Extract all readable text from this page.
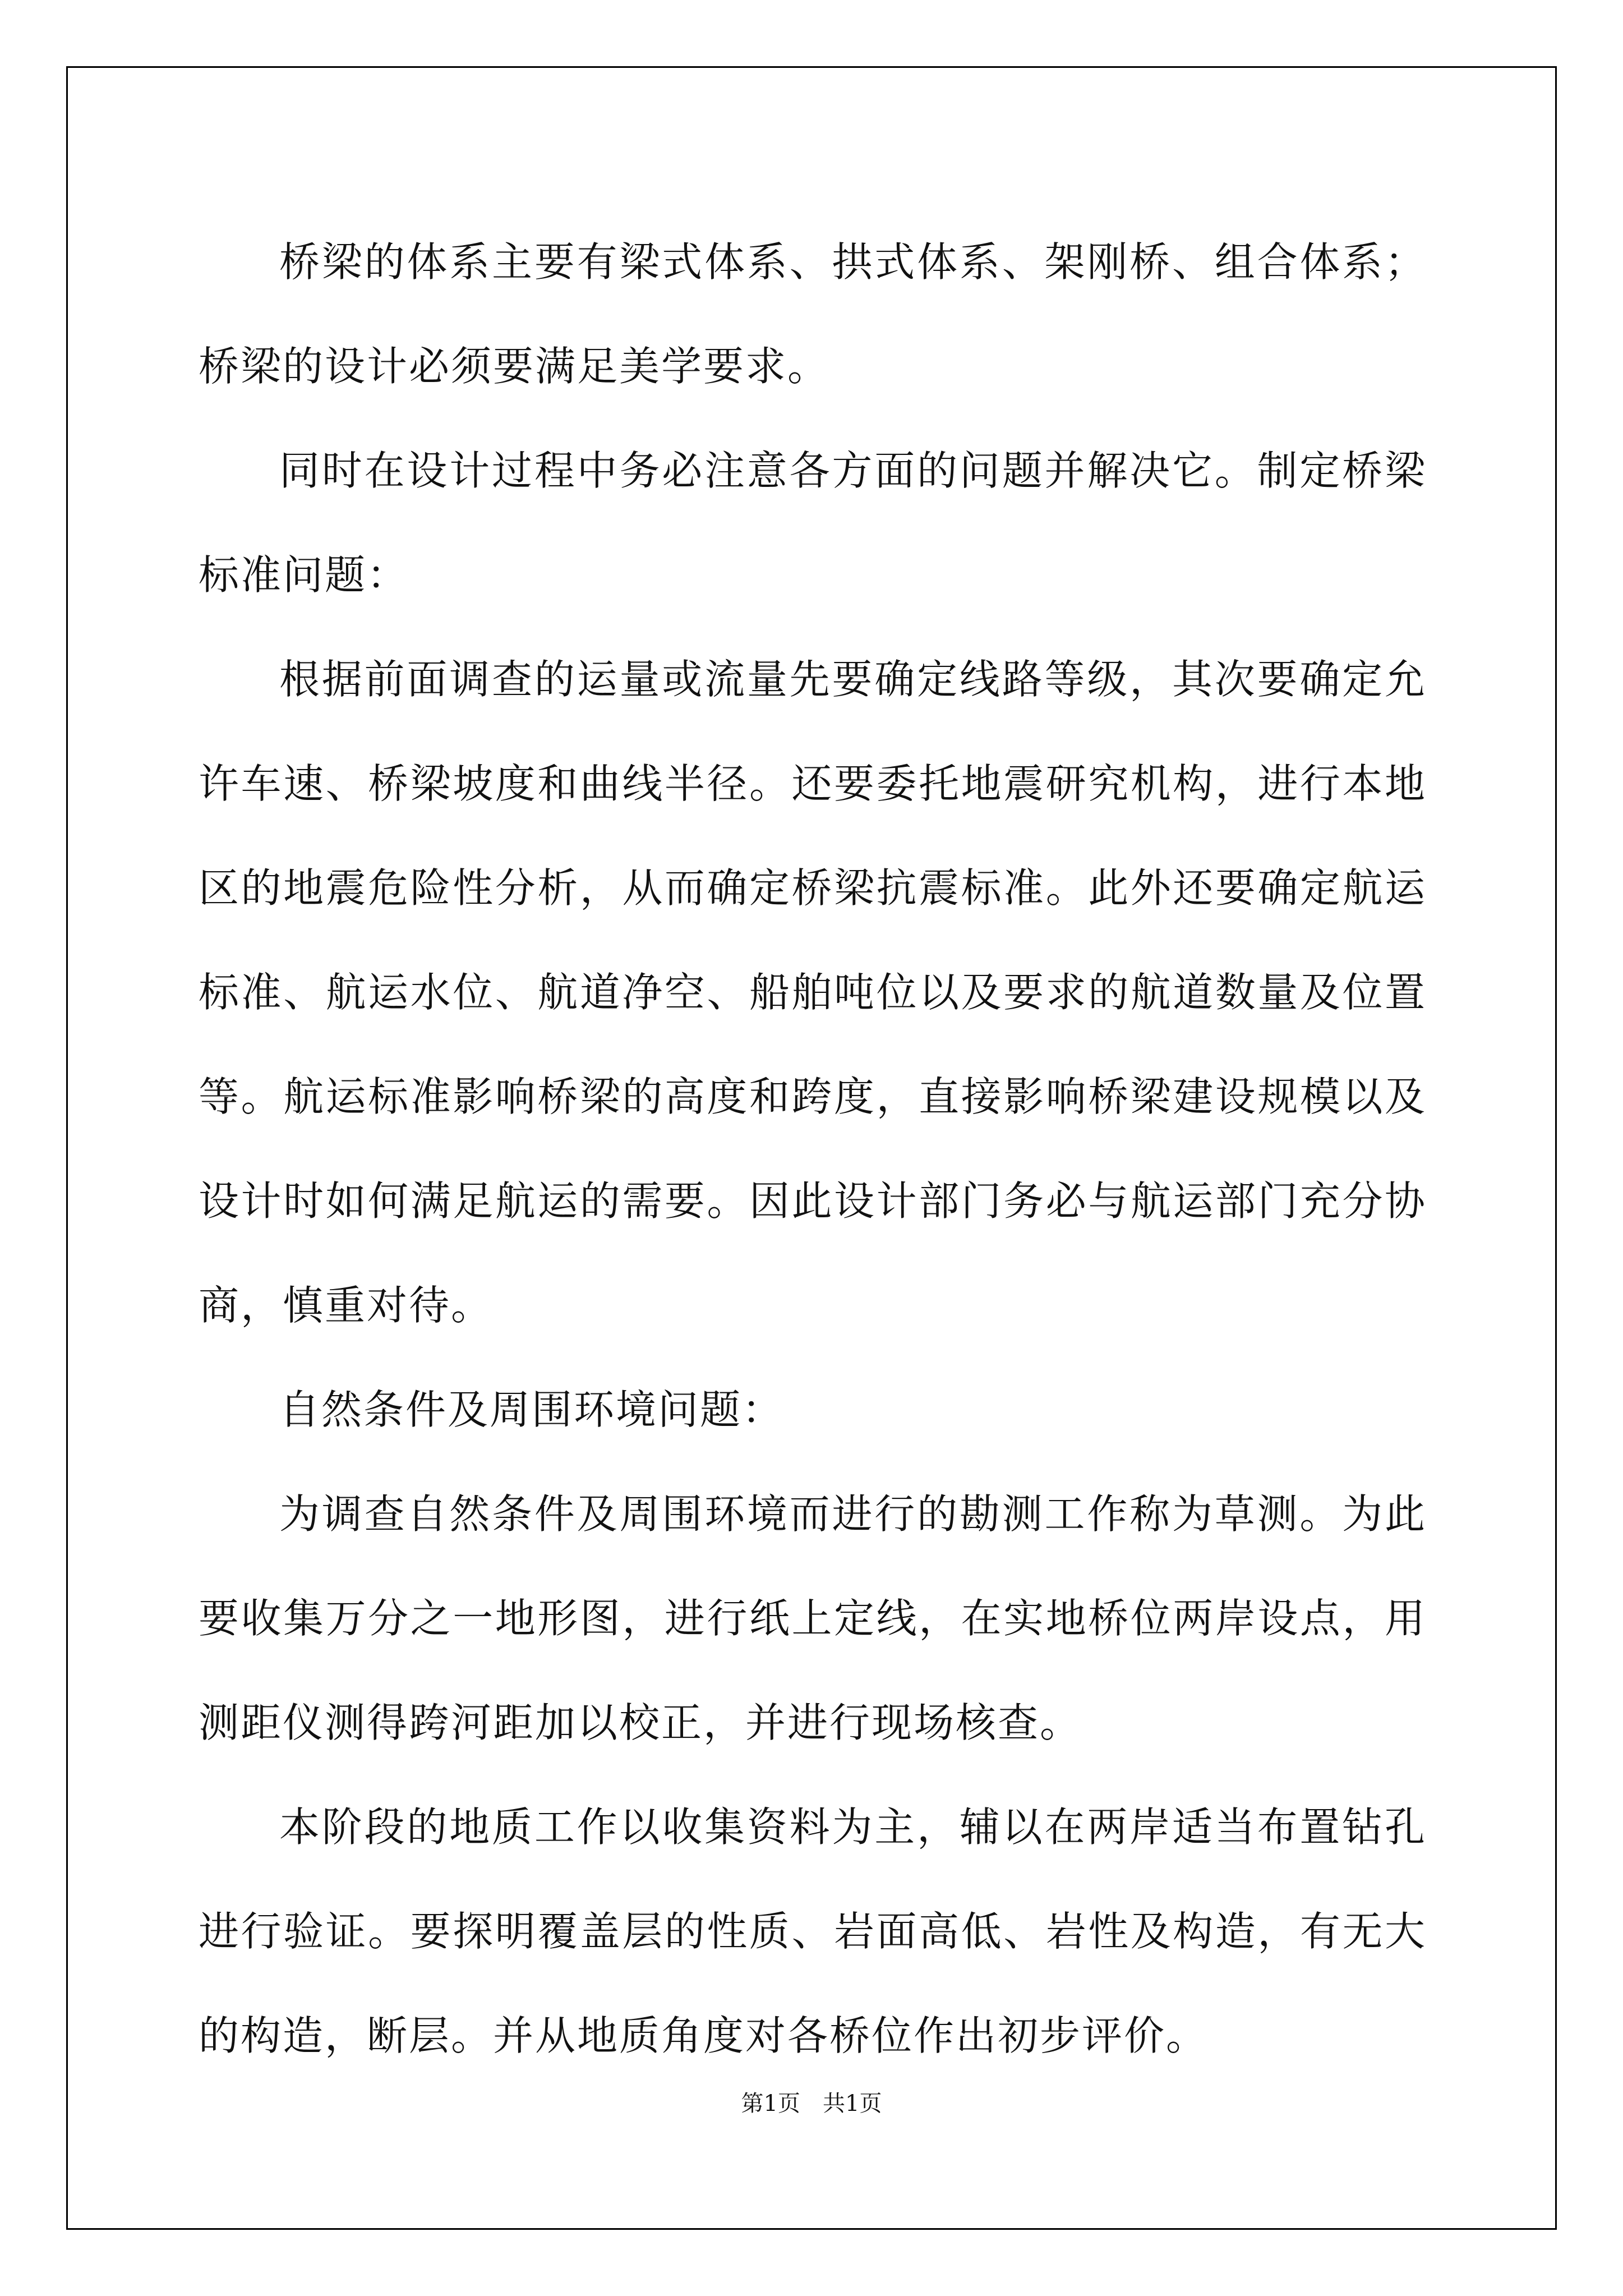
桥梁的体系主要有梁式体系、拱式体系、架刚桥、组合体系；桥梁的设计必须要满足美学要求。

同时在设计过程中务必注意各方面的问题并解决它。制定桥梁标准问题：

根据前面调查的运量或流量先要确定线路等级，其次要确定允许车速、桥梁坡度和曲线半径。还要委托地震研究机构，进行本地区的地震危险性分析，从而确定桥梁抗震标准。此外还要确定航运标准、航运水位、航道净空、船舶吨位以及要求的航道数量及位置等。航运标准影响桥梁的高度和跨度，直接影响桥梁建设规模以及设计时如何满足航运的需要。因此设计部门务必与航运部门充分协商，慎重对待。

自然条件及周围环境问题：

为调查自然条件及周围环境而进行的勘测工作称为草测。为此要收集万分之一地形图，进行纸上定线，在实地桥位两岸设点，用测距仪测得跨河距加以校正，并进行现场核查。

本阶段的地质工作以收集资料为主，辅以在两岸适当布置钻孔进行验证。要探明覆盖层的性质、岩面高低、岩性及构造，有无大的构造，断层。并从地质角度对各桥位作出初步评价。

第1页　共1页
